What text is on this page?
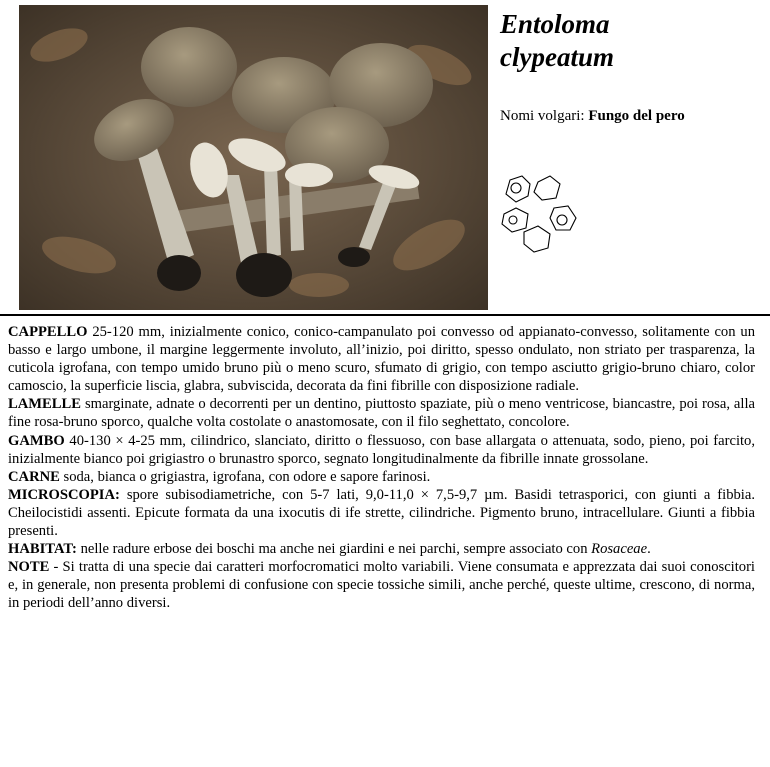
Entoloma
clypeatum
Nomi volgari: Fungo del pero

CAPPELLO 25-120 mm, inizialmente conico, conico-campanulato poi convesso od appianato-convesso, solitamente con un basso e largo umbone, il margine leggermente involuto, all’inizio, poi diritto, spesso ondulato, non striato per trasparenza, la cuticola igrofana, con tempo umido bruno più o meno scuro, sfumato di grigio, con tempo asciutto grigio-bruno chiaro, color camoscio, la superficie liscia, glabra, subviscida, decorata da fini fibrille con disposizione radiale.

LAMELLE smarginate, adnate o decorrenti per un dentino, piuttosto spaziate, più o meno ventricose, biancastre, poi rosa, alla fine rosa-bruno sporco, qualche volta costolate o anastomosate, con il filo seghettato, concolore.

GAMBO 40-130 × 4-25 mm, cilindrico, slanciato, diritto o flessuoso, con base allargata o attenuata, sodo, pieno, poi farcito, inizialmente bianco poi grigiastro o brunastro sporco, segnato longitudinalmente da fibrille innate grossolane.

CARNE soda, bianca o grigiastra, igrofana, con odore e sapore farinosi.

MICROSCOPIA: spore subisodiametriche, con 5-7 lati, 9,0-11,0 × 7,5-9,7 µm. Basidi tetrasporici, con giunti a fibbia. Cheilocistidi assenti. Epicute formata da una ixocutis di ife strette, cilindriche. Pigmento bruno, intracellulare. Giunti a fibbia presenti.

HABITAT: nelle radure erbose dei boschi ma anche nei giardini e nei parchi, sempre associato con Rosaceae.

NOTE - Si tratta di una specie dai caratteri morfocromatici molto variabili. Viene consumata e apprezzata dai suoi conoscitori e, in generale, non presenta problemi di confusione con specie tossiche simili, anche perché, queste ultime, crescono, di norma, in periodi dell’anno diversi.
